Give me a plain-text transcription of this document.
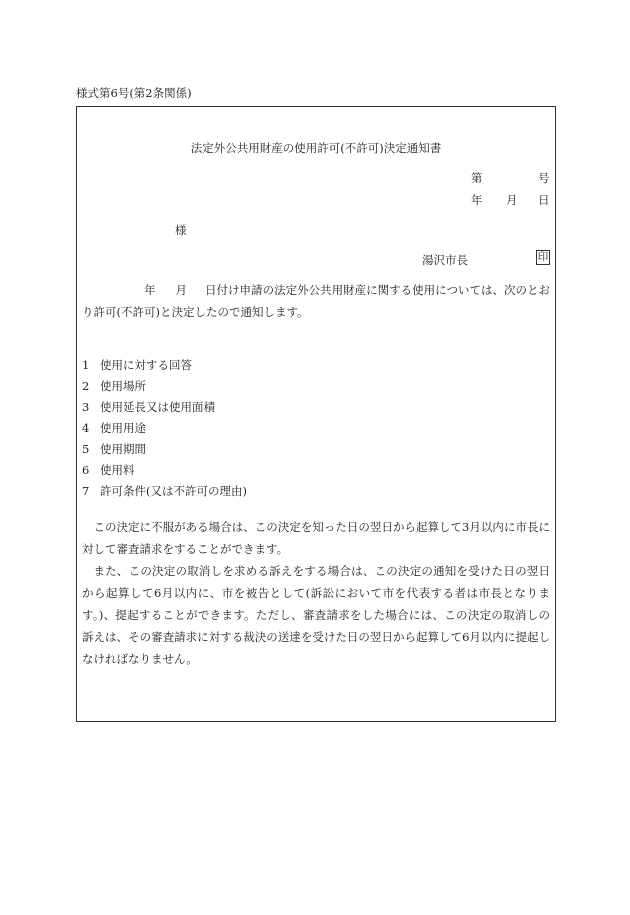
様式第6号(第2条関係)
法定外公共用財産の使用許可(不許可)決定通知書
第	号
年 月 日
様
湯沢市長	印
年 月 日付け申請の法定外公共用財産に関する使用については、次のとおり許可(不許可)と決定したので通知します。
1 使用に対する回答
2 使用場所
3 使用延長又は使用面積
4 使用用途
5 使用期間
6 使用料
7 許可条件(又は不許可の理由)
この決定に不服がある場合は、この決定を知った日の翌日から起算して3月以内に市長に対して審査請求をすることができます。
また、この決定の取消しを求める訴えをする場合は、この決定の通知を受けた日の翌日から起算して6月以内に、市を被告として(訴訟において市を代表する者は市長となります。)、提起することができます。ただし、審査請求をした場合には、この決定の取消しの訴えは、その審査請求に対する裁決の送達を受けた日の翌日から起算して6月以内に提起しなければなりません。
